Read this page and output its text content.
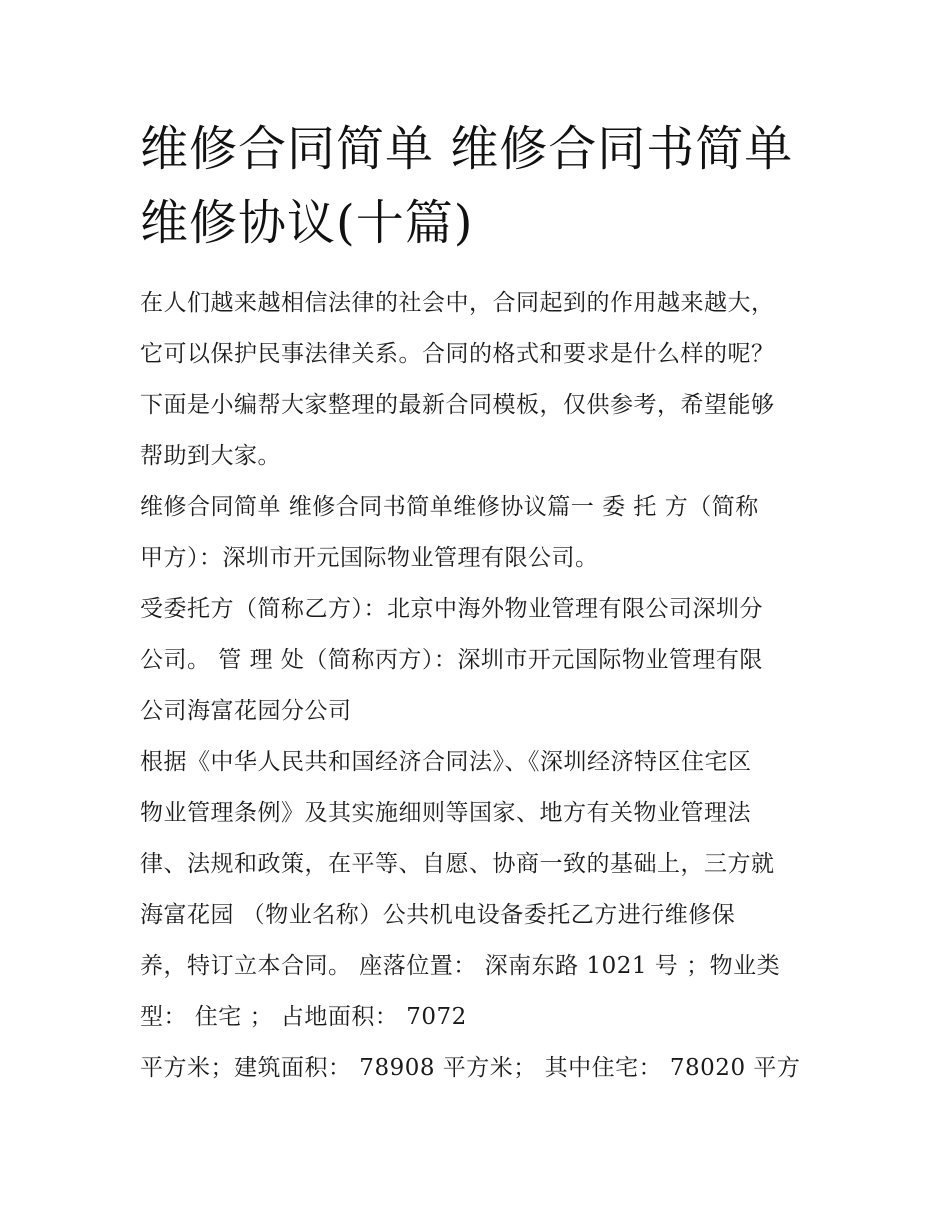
维修合同简单 维修合同书简单
维修协议(十篇)

在人们越来越相信法律的社会中，合同起到的作用越来越大，
它可以保护民事法律关系。合同的格式和要求是什么样的呢？
下面是小编帮大家整理的最新合同模板，仅供参考，希望能够
帮助到大家。

维修合同简单 维修合同书简单维修协议篇一 委 托 方（简称
甲方）：深圳市开元国际物业管理有限公司。

受委托方（简称乙方）：北京中海外物业管理有限公司深圳分
公司。 管 理 处（简称丙方）：深圳市开元国际物业管理有限
公司海富花园分公司

根据《中华人民共和国经济合同法》、《深圳经济特区住宅区
物业管理条例》及其实施细则等国家、地方有关物业管理法
律、法规和政策，在平等、自愿、协商一致的基础上，三方就
海富花园 （物业名称）公共机电设备委托乙方进行维修保
养，特订立本合同。 座落位置： 深南东路 1021 号 ；物业类
型： 住宅 ； 占地面积： 7072

平方米；建筑面积： 78908 平方米； 其中住宅： 78020 平方
